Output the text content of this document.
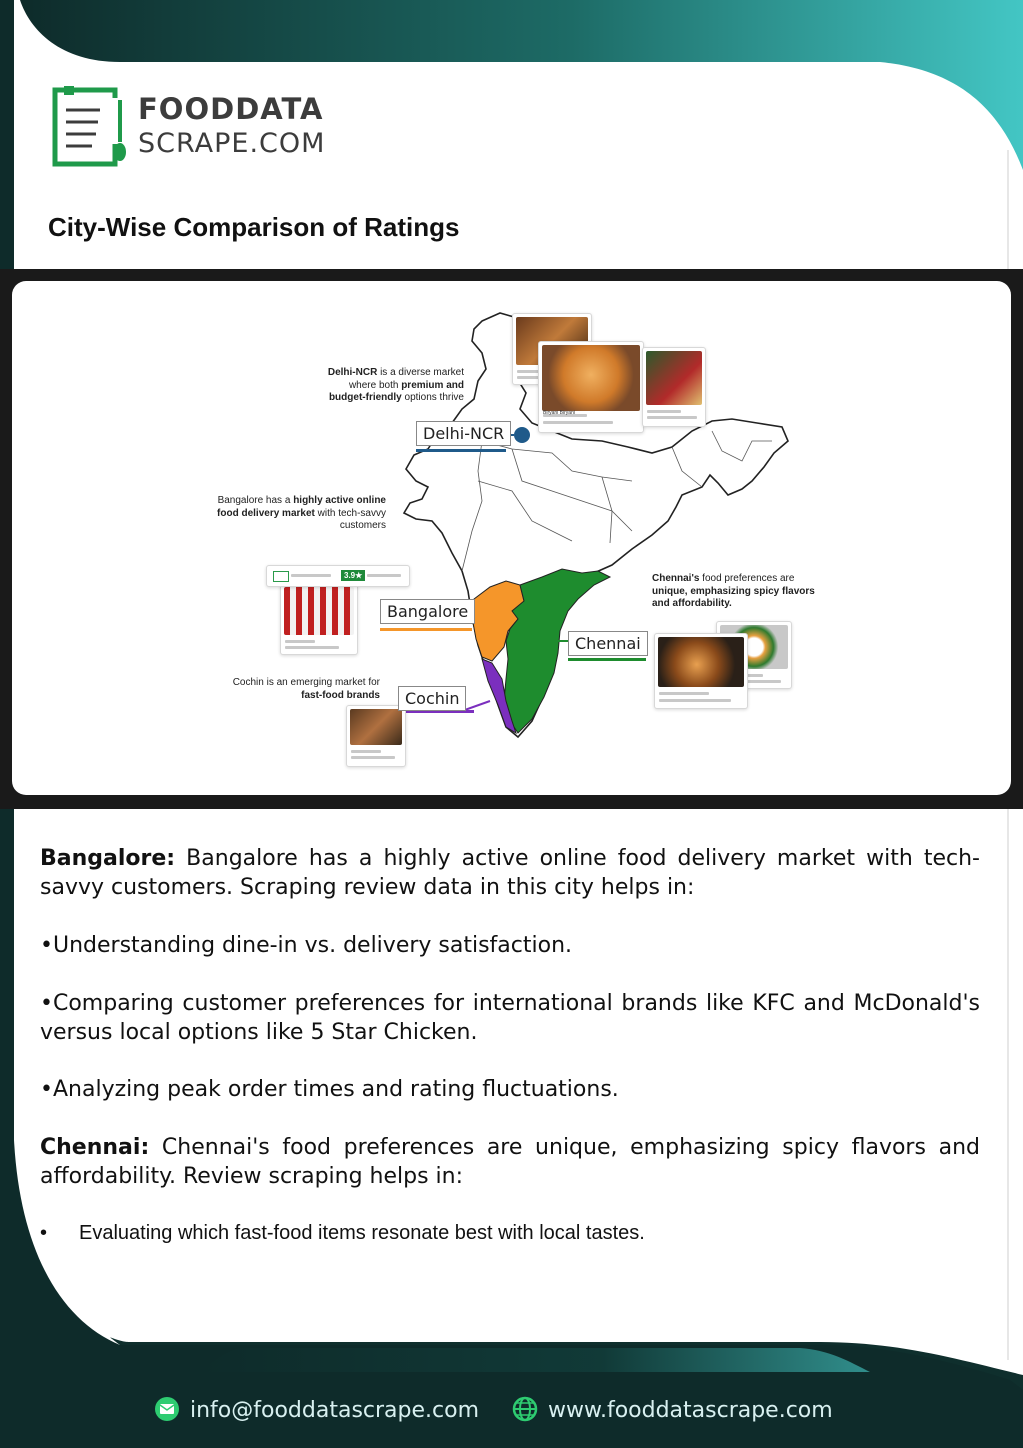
FOODDATA
SCRAPE.COM
City-Wise Comparison of Ratings
Biryani Biryani
3.9★
Delhi-NCR is a diverse market
where both premium and
budget-friendly options thrive
Bangalore has a highly active online
food delivery market with tech-savvy
customers
Chennai's food preferences are
unique, emphasizing spicy flavors
and affordability.
Cochin is an emerging market for
fast-food brands
Delhi-NCR
Bangalore
Chennai
Cochin
Bangalore: Bangalore has a highly active online food delivery market with tech-savvy customers. Scraping review data in this city helps in:
•Understanding dine-in vs. delivery satisfaction.
•Comparing customer preferences for international brands like KFC and McDonald's versus local options like 5 Star Chicken.
•Analyzing peak order times and rating fluctuations.
Chennai: Chennai's food preferences are unique, emphasizing spicy flavors and affordability. Review scraping helps in:
• Evaluating which fast-food items resonate best with local tastes.
info@fooddatascrape.com	www.fooddatascrape.com
